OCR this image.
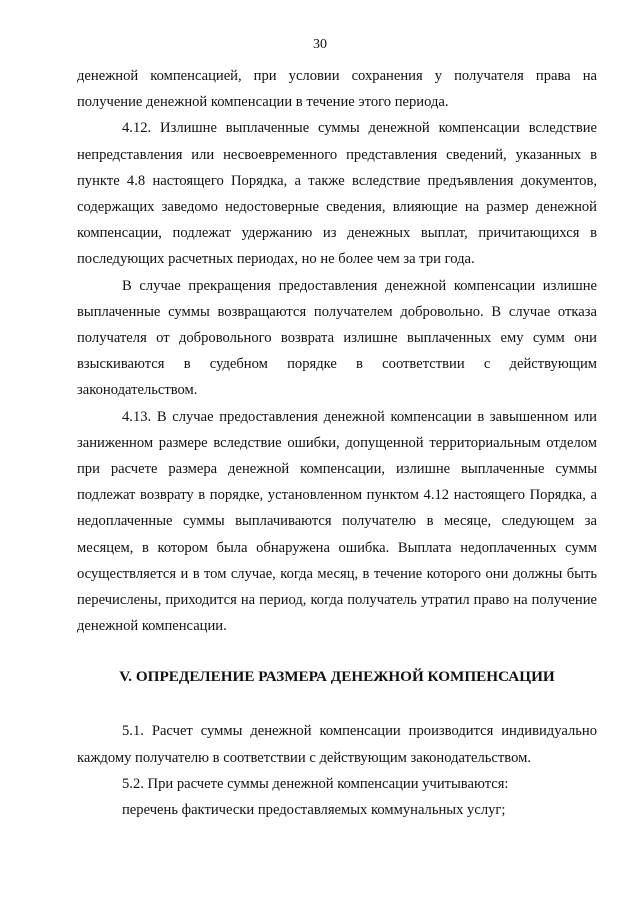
30

денежной компенсацией, при условии сохранения у получателя права на получение денежной компенсации в течение этого периода.

4.12. Излишне выплаченные суммы денежной компенсации вследствие непредставления или несвоевременного представления сведений, указанных в пункте 4.8 настоящего Порядка, а также вследствие предъявления документов, содержащих заведомо недостоверные сведения, влияющие на размер денежной компенсации, подлежат удержанию из денежных выплат, причитающихся в последующих расчетных периодах, но не более чем за три года.

В случае прекращения предоставления денежной компенсации излишне выплаченные суммы возвращаются получателем добровольно. В случае отказа получателя от добровольного возврата излишне выплаченных ему сумм они взыскиваются в судебном порядке в соответствии с действующим законодательством.

4.13. В случае предоставления денежной компенсации в завышенном или заниженном размере вследствие ошибки, допущенной территориальным отделом при расчете размера денежной компенсации, излишне выплаченные суммы подлежат возврату в порядке, установленном пунктом 4.12 настоящего Порядка, а недоплаченные суммы выплачиваются получателю в месяце, следующем за месяцем, в котором была обнаружена ошибка. Выплата недоплаченных сумм осуществляется и в том случае, когда месяц, в течение которого они должны быть перечислены, приходится на период, когда получатель утратил право на получение денежной компенсации.

V. ОПРЕДЕЛЕНИЕ РАЗМЕРА ДЕНЕЖНОЙ КОМПЕНСАЦИИ

5.1. Расчет суммы денежной компенсации производится индивидуально каждому получателю в соответствии с действующим законодательством.

5.2. При расчете суммы денежной компенсации учитываются:

перечень фактически предоставляемых коммунальных услуг;
